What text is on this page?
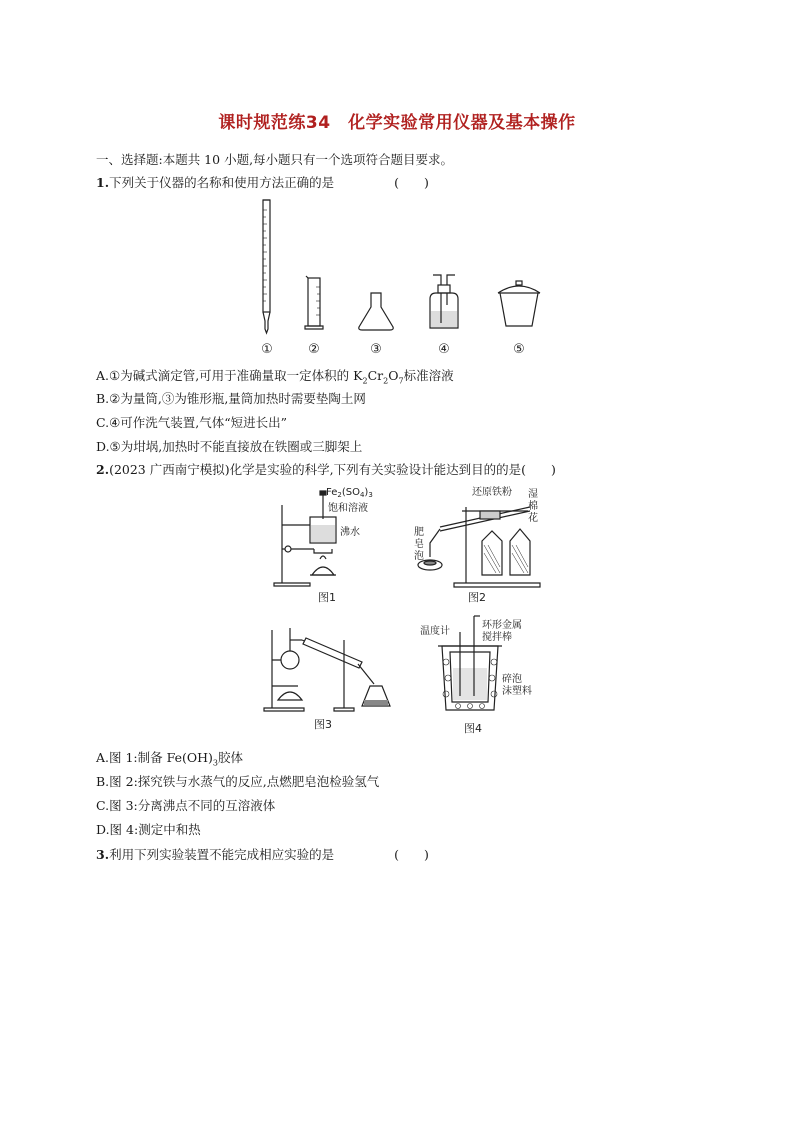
课时规范练34　化学实验常用仪器及基本操作
一、选择题:本题共 10 小题,每小题只有一个选项符合题目要求。
1.下列关于仪器的名称和使用方法正确的是	(　　)
①	②	③	④	⑤
A.①为碱式滴定管,可用于准确量取一定体积的 $K_2Cr_2O_7$标准溶液
B.②为量筒,③为锥形瓶,量筒加热时需要垫陶土网
C.④可作洗气装置,气体“短进长出”
D.⑤为坩埚,加热时不能直接放在铁圈或三脚架上
2.(2023 广西南宁模拟)化学是实验的科学,下列有关实验设计能达到目的的是(　　)
$Fe_2(SO_4)_3$
饱和溶液
沸水
图1
还原铁粉 湿
棉
花
肥
皂
泡
图2
图3
温度计
环形金属
搅拌棒
碎泡
沫塑料
图4
A.图 1:制备 $Fe(OH)_3$胶体
B.图 2:探究铁与水蒸气的反应,点燃肥皂泡检验氢气
C.图 3:分离沸点不同的互溶液体
D.图 4:测定中和热
3.利用下列实验装置不能完成相应实验的是	(　　)
